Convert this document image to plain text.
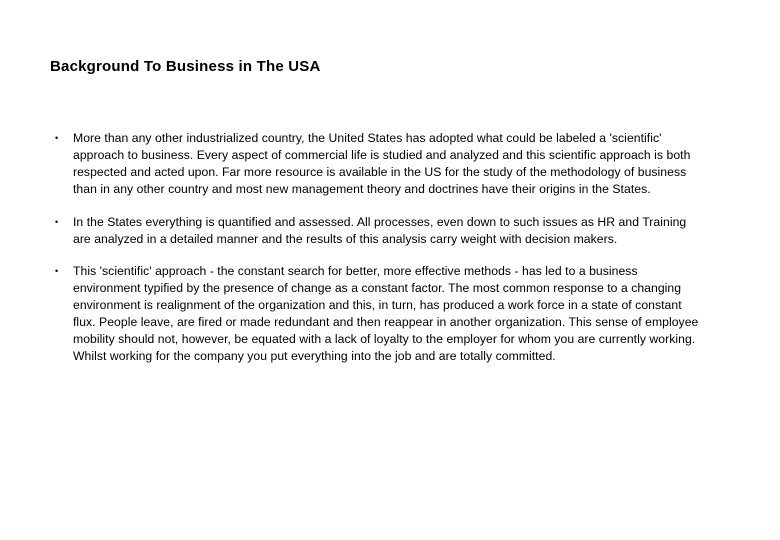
Background To Business in The USA
• More than any other industrialized country, the United States has adopted what could be labeled a 'scientific' approach to business. Every aspect of commercial life is studied and analyzed and this scientific approach is both respected and acted upon. Far more resource is available in the US for the study of the methodology of business than in any other country and most new management theory and doctrines have their origins in the States.
• In the States everything is quantified and assessed. All processes, even down to such issues as HR and Training are analyzed in a detailed manner and the results of this analysis carry weight with decision makers.
• This 'scientific' approach - the constant search for better, more effective methods - has led to a business environment typified by the presence of change as a constant factor. The most common response to a changing environment is realignment of the organization and this, in turn, has produced a work force in a state of constant flux. People leave, are fired or made redundant and then reappear in another organization. This sense of employee mobility should not, however, be equated with a lack of loyalty to the employer for whom you are currently working. Whilst working for the company you put everything into the job and are totally committed.
